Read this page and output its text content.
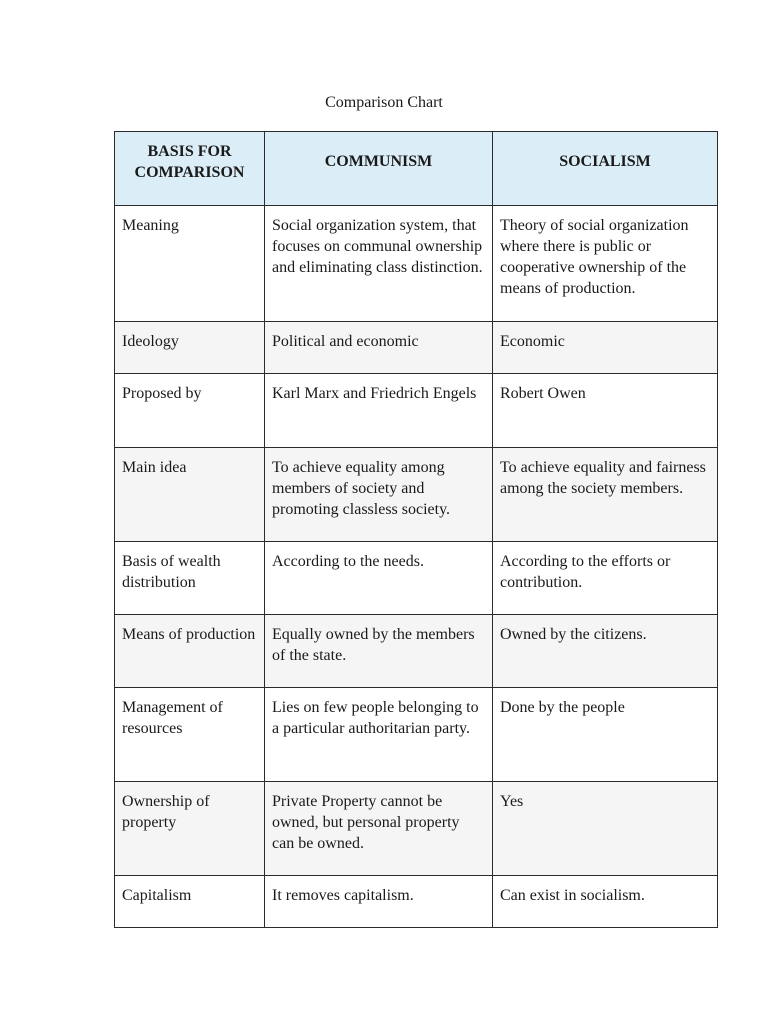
Comparison Chart
BASIS FOR COMPARISON	COMMUNISM	SOCIALISM
Meaning	Social organization system, that focuses on communal ownership and eliminating class distinction.	Theory of social organization where there is public or cooperative ownership of the means of production.
Ideology	Political and economic	Economic
Proposed by	Karl Marx and Friedrich Engels	Robert Owen
Main idea	To achieve equality among members of society and promoting classless society.	To achieve equality and fairness among the society members.
Basis of wealth distribution	According to the needs.	According to the efforts or contribution.
Means of production	Equally owned by the members of the state.	Owned by the citizens.
Management of resources	Lies on few people belonging to a particular authoritarian party.	Done by the people
Ownership of property	Private Property cannot be owned, but personal property can be owned.	Yes
Capitalism	It removes capitalism.	Can exist in socialism.
